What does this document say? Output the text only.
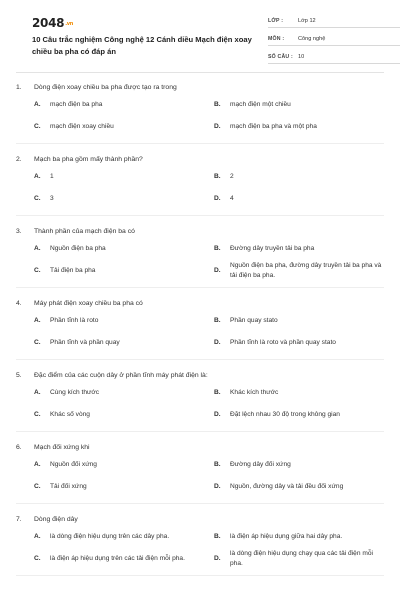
2048.vn
10 Câu trắc nghiệm Công nghệ 12 Cánh diều Mạch điện xoay chiều ba pha có đáp án
LỚP :	Lớp 12
MÔN :	Công nghệ
SỐ CÂU : 10
1.	Dòng điện xoay chiều ba pha được tạo ra trong
A.	mạch điện ba pha	B.	mạch điện một chiều
C.	mạch điện xoay chiều	D.	mạch điện ba pha và một pha
2.	Mạch ba pha gồm mấy thành phần?
A.	1	B.	2
C.	3	D.	4
3.	Thành phần của mạch điện ba có
A.	Nguồn điện ba pha	B.	Đường dây truyền tải ba pha
C.	Tải điện ba pha	D.
Nguồn điện ba pha, đường dây truyền tải ba pha và tải điện ba pha.
4.	Máy phát điện xoay chiều ba pha có
A.	Phần tĩnh là roto	B.	Phần quay stato
C.	Phần tĩnh và phần quay	D.	Phần tĩnh là roto và phần quay stato
5.	Đặc điểm của các cuộn dây ở phần tĩnh máy phát điện là:
A.	Cùng kích thước	B.	Khác kích thước
C.	Khác số vòng	D.	Đặt lệch nhau 30 độ trong không gian
6.	Mạch đối xứng khi
A.	Nguồn đối xứng	B.	Đường dây đối xứng
C.	Tải đối xứng	D.	Nguồn, đường dây và tải đều đối xứng
7.	Dòng điện dây
A.	là dòng điện hiệu dụng trên các dây pha.	B.	là điện áp hiệu dụng giữa hai dây pha.
C.	là điện áp hiệu dụng trên các tải điện mỗi pha.	D.
là dòng điện hiệu dụng chạy qua các tải điện mỗi pha.
